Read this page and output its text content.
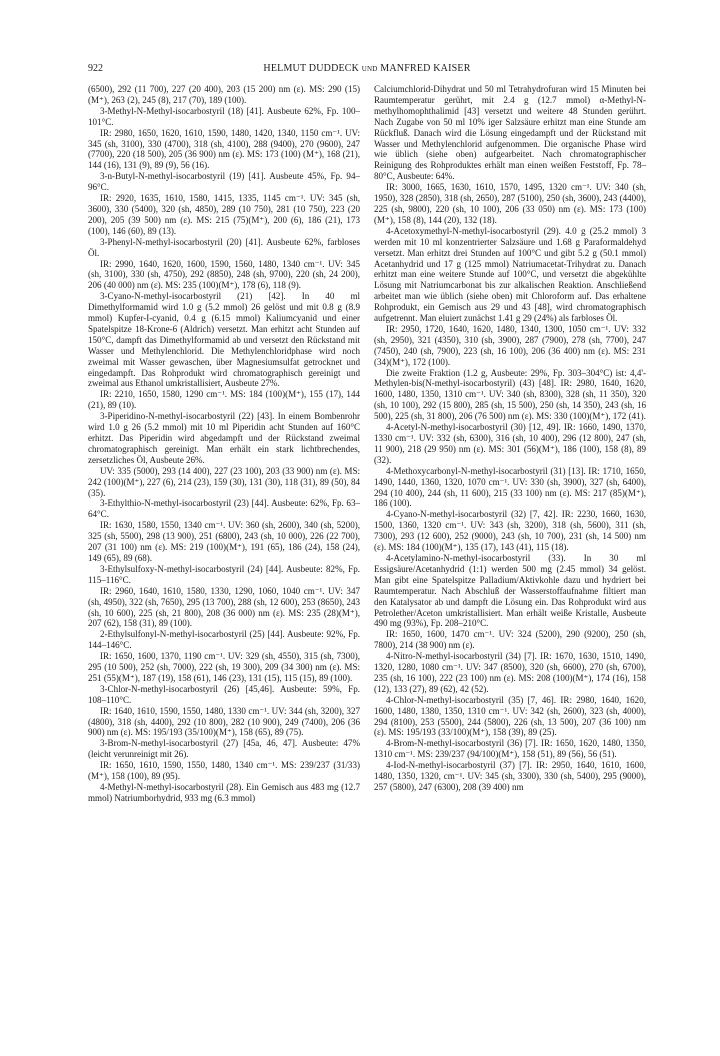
922	HELMUT DUDDECK und MANFRED KAISER

(6500), 292 (11 700), 227 (20 400), 203 (15 200) nm (ε). MS: 290 (15)(M⁺), 263 (2), 245 (8), 217 (70), 189 (100).

3-Methyl-N-Methyl-isocarbostyril (18) [41]. Ausbeute 62%, Fp. 100–101°C.

IR: 2980, 1650, 1620, 1610, 1590, 1480, 1420, 1340, 1150 cm⁻¹. UV: 345 (sh, 3100), 330 (4700), 318 (sh, 4100), 288 (9400), 270 (9600), 247 (7700), 220 (18 500), 205 (36 900) nm (ε). MS: 173 (100) (M⁺), 168 (21), 144 (16), 131 (9), 89 (9), 56 (16).

3-n-Butyl-N-methyl-isocarbostyril (19) [41]. Ausbeute 45%, Fp. 94–96°C.

IR: 2920, 1635, 1610, 1580, 1415, 1335, 1145 cm⁻¹. UV: 345 (sh, 3600), 330 (5400), 320 (sh, 4850), 289 (10 750), 281 (10 750), 223 (20 200), 205 (39 500) nm (ε). MS: 215 (75)(M⁺), 200 (6), 186 (21), 173 (100), 146 (60), 89 (13).

3-Phenyl-N-methyl-isocarbostyril (20) [41]. Ausbeute 62%, farbloses Öl.

IR: 2990, 1640, 1620, 1600, 1590, 1560, 1480, 1340 cm⁻¹. UV: 345 (sh, 3100), 330 (sh, 4750), 292 (8850), 248 (sh, 9700), 220 (sh, 24 200), 206 (40 000) nm (ε). MS: 235 (100)(M⁺), 178 (6), 118 (9).

3-Cyano-N-methyl-isocarbostyril (21) [42]. In 40 ml Dimethylformamid wird 1.0 g (5.2 mmol) 26 gelöst und mit 0.8 g (8.9 mmol) Kupfer-I-cyanid, 0.4 g (6.15 mmol) Kaliumcyanid und einer Spatelspitze 18-Krone-6 (Aldrich) versetzt. Man erhitzt acht Stunden auf 150°C, dampft das Dimethylformamid ab und versetzt den Rückstand mit Wasser und Methylenchlorid. Die Methylenchloridphase wird noch zweimal mit Wasser gewaschen, über Magnesiumsulfat getrocknet und eingedampft. Das Rohprodukt wird chromatographisch gereinigt und zweimal aus Ethanol umkristallisiert, Ausbeute 27%.

IR: 2210, 1650, 1580, 1290 cm⁻¹. MS: 184 (100)(M⁺), 155 (17), 144 (21), 89 (10).

3-Piperidino-N-methyl-isocarbostyril (22) [43]. In einem Bombenrohr wird 1.0 g 26 (5.2 mmol) mit 10 ml Piperidin acht Stunden auf 160°C erhitzt. Das Piperidin wird abgedampft und der Rückstand zweimal chromatographisch gereinigt. Man erhält ein stark lichtbrechendes, zersetzliches Öl, Ausbeute 26%.

UV: 335 (5000), 293 (14 400), 227 (23 100), 203 (33 900) nm (ε). MS: 242 (100)(M⁺), 227 (6), 214 (23), 159 (30), 131 (30), 118 (31), 89 (50), 84 (35).

3-Ethylthio-N-methyl-isocarbostyril (23) [44]. Ausbeute: 62%, Fp. 63–64°C.

IR: 1630, 1580, 1550, 1340 cm⁻¹. UV: 360 (sh, 2600), 340 (sh, 5200), 325 (sh, 5500), 298 (13 900), 251 (6800), 243 (sh, 10 000), 226 (22 700), 207 (31 100) nm (ε). MS: 219 (100)(M⁺), 191 (65), 186 (24), 158 (24), 149 (65), 89 (68).

3-Ethylsulfoxy-N-methyl-isocarbostyril (24) [44]. Ausbeute: 82%, Fp. 115–116°C.

IR: 2960, 1640, 1610, 1580, 1330, 1290, 1060, 1040 cm⁻¹. UV: 347 (sh, 4950), 322 (sh, 7650), 295 (13 700), 288 (sh, 12 600), 253 (8650), 243 (sh, 10 600), 225 (sh, 21 800), 208 (36 000) nm (ε). MS: 235 (28)(M⁺), 207 (62), 158 (31), 89 (100).

2-Ethylsulfonyl-N-methyl-isocarbostyril (25) [44]. Ausbeute: 92%, Fp. 144–146°C.

IR: 1650, 1600, 1370, 1190 cm⁻¹. UV: 329 (sh, 4550), 315 (sh, 7300), 295 (10 500), 252 (sh, 7000), 222 (sh, 19 300), 209 (34 300) nm (ε). MS: 251 (55)(M⁺), 187 (19), 158 (61), 146 (23), 131 (15), 115 (15), 89 (100).

3-Chlor-N-methyl-isocarbostyril (26) [45,46]. Ausbeute: 59%, Fp. 108–110°C.

IR: 1640, 1610, 1590, 1550, 1480, 1330 cm⁻¹. UV: 344 (sh, 3200), 327 (4800), 318 (sh, 4400), 292 (10 800), 282 (10 900), 249 (7400), 206 (36 900) nm (ε). MS: 195/193 (35/100)(M⁺), 158 (65), 89 (75).

3-Brom-N-methyl-isocarbostyril (27) [45a, 46, 47]. Ausbeute: 47% (leicht verunreinigt mit 26).

IR: 1650, 1610, 1590, 1550, 1480, 1340 cm⁻¹. MS: 239/237 (31/33)(M⁺), 158 (100), 89 (95).

4-Methyl-N-methyl-isocarbostyril (28). Ein Gemisch aus 483 mg (12.7 mmol) Natriumborhydrid, 933 mg (6.3 mmol)

Calciumchlorid-Dihydrat und 50 ml Tetrahydrofuran wird 15 Minuten bei Raumtemperatur gerührt, mit 2.4 g (12.7 mmol) α-Methyl-N-methylhomophthalimid [43] versetzt und weitere 48 Stunden gerührt. Nach Zugabe von 50 ml 10% iger Salzsäure erhitzt man eine Stunde am Rückfluß. Danach wird die Lösung eingedampft und der Rückstand mit Wasser und Methylenchlorid aufgenommen. Die organische Phase wird wie üblich (siehe oben) aufgearbeitet. Nach chromatographischer Reinigung des Rohproduktes erhält man einen weißen Feststoff, Fp. 78–80°C, Ausbeute: 64%.

IR: 3000, 1665, 1630, 1610, 1570, 1495, 1320 cm⁻¹. UV: 340 (sh, 1950), 328 (2850), 318 (sh, 2650), 287 (5100), 250 (sh, 3600), 243 (4400), 225 (sh, 9800), 220 (sh, 10 100), 206 (33 050) nm (ε). MS: 173 (100)(M⁺), 158 (8), 144 (20), 132 (18).

4-Acetoxymethyl-N-methyl-isocarbostyril (29). 4.0 g (25.2 mmol) 3 werden mit 10 ml konzentrierter Salzsäure und 1.68 g Paraformaldehyd versetzt. Man erhitzt drei Stunden auf 100°C und gibt 5.2 g (50.1 mmol) Acetanhydrid und 17 g (125 mmol) Natriumacetat-Trihydrat zu. Danach erhitzt man eine weitere Stunde auf 100°C, und versetzt die abgekühlte Lösung mit Natriumcarbonat bis zur alkalischen Reaktion. Anschließend arbeitet man wie üblich (siehe oben) mit Chloroform auf. Das erhaltene Rohprodukt, ein Gemisch aus 29 und 43 [48], wird chromatographisch aufgetrennt. Man eluiert zunächst 1.41 g 29 (24%) als farbloses Öl.

IR: 2950, 1720, 1640, 1620, 1480, 1340, 1300, 1050 cm⁻¹. UV: 332 (sh, 2950), 321 (4350), 310 (sh, 3900), 287 (7900), 278 (sh, 7700), 247 (7450), 240 (sh, 7900), 223 (sh, 16 100), 206 (36 400) nm (ε). MS: 231 (34)(M⁺), 172 (100).

Die zweite Fraktion (1.2 g, Ausbeute: 29%, Fp. 303–304°C) ist: 4,4'-Methylen-bis(N-methyl-isocarbostyril) (43) [48]. IR: 2980, 1640, 1620, 1600, 1480, 1350, 1310 cm⁻¹. UV: 340 (sh, 8300), 328 (sh, 11 350), 320 (sh, 10 100), 292 (15 800), 285 (sh, 15 500), 250 (sh, 14 350), 243 (sh, 16 500), 225 (sh, 31 800), 206 (76 500) nm (ε). MS: 330 (100)(M⁺), 172 (41).

4-Acetyl-N-methyl-isocarbostyril (30) [12, 49]. IR: 1660, 1490, 1370, 1330 cm⁻¹. UV: 332 (sh, 6300), 316 (sh, 10 400), 296 (12 800), 247 (sh, 11 900), 218 (29 950) nm (ε). MS: 301 (56)(M⁺), 186 (100), 158 (8), 89 (32).

4-Methoxycarbonyl-N-methyl-isocarbostyril (31) [13]. IR: 1710, 1650, 1490, 1440, 1360, 1320, 1070 cm⁻¹. UV: 330 (sh, 3900), 327 (sh, 6400), 294 (10 400), 244 (sh, 11 600), 215 (33 100) nm (ε). MS: 217 (85)(M⁺), 186 (100).

4-Cyano-N-methyl-isocarbostyril (32) [7, 42]. IR: 2230, 1660, 1630, 1500, 1360, 1320 cm⁻¹. UV: 343 (sh, 3200), 318 (sh, 5600), 311 (sh, 7300), 293 (12 600), 252 (9000), 243 (sh, 10 700), 231 (sh, 14 500) nm (ε). MS: 184 (100)(M⁺), 135 (17), 143 (41), 115 (18).

4-Acetylamino-N-methyl-isocarbostyril (33). In 30 ml Essigsäure/Acetanhydrid (1:1) werden 500 mg (2.45 mmol) 34 gelöst. Man gibt eine Spatelspitze Palladium/Aktivkohle dazu und hydriert bei Raumtemperatur. Nach Abschluß der Wasserstoffaufnahme filtiert man den Katalysator ab und dampft die Lösung ein. Das Rohprodukt wird aus Petrolether/Aceton umkristallisiert. Man erhält weiße Kristalle, Ausbeute 490 mg (93%), Fp. 208–210°C.

IR: 1650, 1600, 1470 cm⁻¹. UV: 324 (5200), 290 (9200), 250 (sh, 7800), 214 (38 900) nm (ε).

4-Nitro-N-methyl-isocarbostyril (34) [7]. IR: 1670, 1630, 1510, 1490, 1320, 1280, 1080 cm⁻¹. UV: 347 (8500), 320 (sh, 6600), 270 (sh, 6700), 235 (sh, 16 100), 222 (23 100) nm (ε). MS: 208 (100)(M⁺), 174 (16), 158 (12), 133 (27), 89 (62), 42 (52).

4-Chlor-N-methyl-isocarbostyril (35) [7, 46]. IR: 2980, 1640, 1620, 1600, 1480, 1380, 1350, 1310 cm⁻¹. UV: 342 (sh, 2600), 323 (sh, 4000), 294 (8100), 253 (5500), 244 (5800), 226 (sh, 13 500), 207 (36 100) nm (ε). MS: 195/193 (33/100)(M⁺), 158 (39), 89 (25).

4-Brom-N-methyl-isocarbostyril (36) [7]. IR: 1650, 1620, 1480, 1350, 1310 cm⁻¹. MS: 239/237 (94/100)(M⁺), 158 (51), 89 (56), 56 (51).

4-Iod-N-methyl-isocarbostyril (37) [7]. IR: 2950, 1640, 1610, 1600, 1480, 1350, 1320, cm⁻¹. UV: 345 (sh, 3300), 330 (sh, 5400), 295 (9000), 257 (5800), 247 (6300), 208 (39 400) nm
